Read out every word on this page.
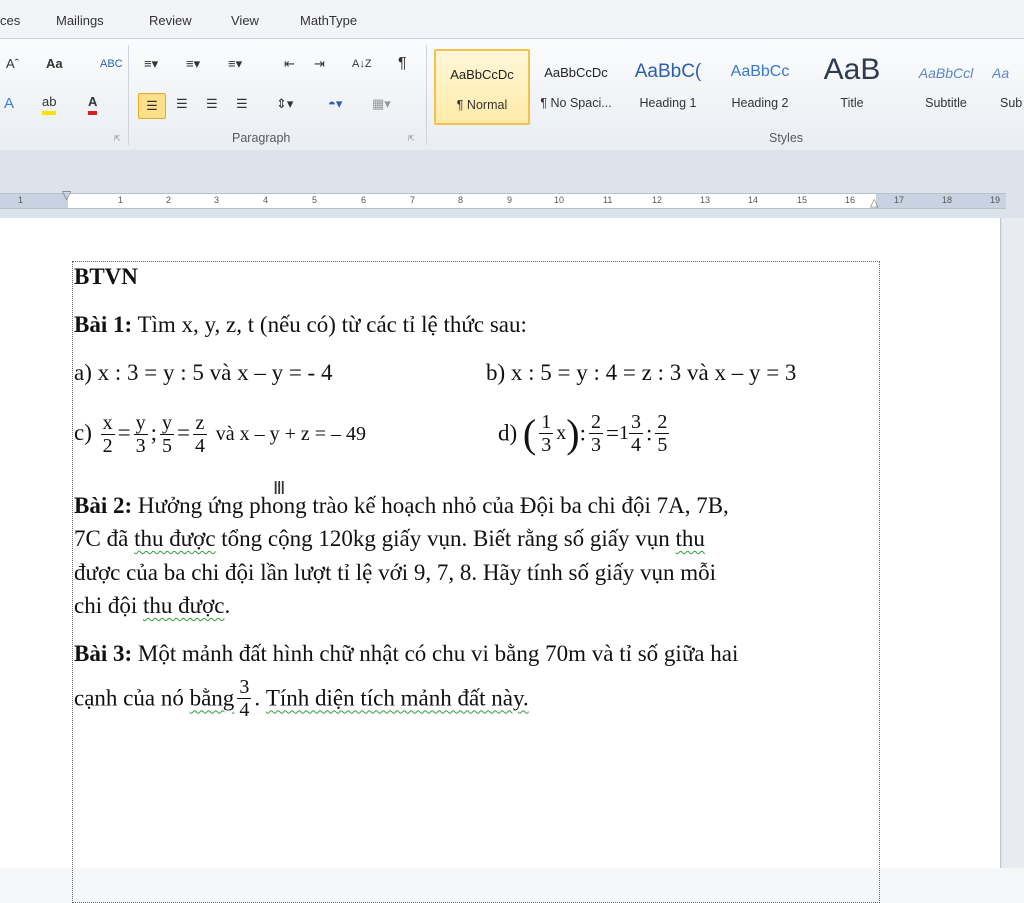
ces	Mailings	Review	View	MathType
Aˆ Aa	ABC
A ab A
⇱
≡▾ ≡▾ ≡▾	⇤ ⇥ A↓Z ¶
☰	☰ ☰ ☰ ⇕▾	◓▾ ▦▾
Paragraph	⇱
AaBbCcDc
¶ Normal
AaBbCcDc
¶ No Spaci...
AaBbC(
Heading 1
AaBbCc
Heading 2
AaB
Title
AaBbCcl
Subtitle
Aa
Sub
Styles
▽
△
1	1	2	3	4	5	6	7	8	9	10	11	12	13	14	15	16	17	18	19
BTVN
Bài 1: Tìm x, y, z, t (nếu có) từ các tỉ lệ thức sau:
a) x : 3 = y : 5 và x – y = - 4	b) x : 5 = y : 4 = z : 3 và x – y = 3
$c) \frac{x}{2} = \frac{y}{3}$ ; $\frac{y}{5} = \frac{z}{4}$ và x – y + z = – 49	d) ( $\frac{1}{3} x$): $\frac{2}{3} =1 \frac{3}{4}$ : $\frac{2}{5}$
Bài 2: Hưởng ứng phong trào kế hoạch nhỏ của Đội ba chi đội 7A, 7B,
7C đã thu được tổng cộng 120kg giấy vụn. Biết rằng số giấy vụn thu
được của ba chi đội lần lượt tỉ lệ với 9, 7, 8. Hãy tính số giấy vụn mỗi
chi đội thu được.
Bài 3: Một mảnh đất hình chữ nhật có chu vi bằng 70m và tỉ số giữa hai
cạnh của nó bằng $\frac{3}{4}$ . Tính diện tích mảnh đất này.
Ⅲ
